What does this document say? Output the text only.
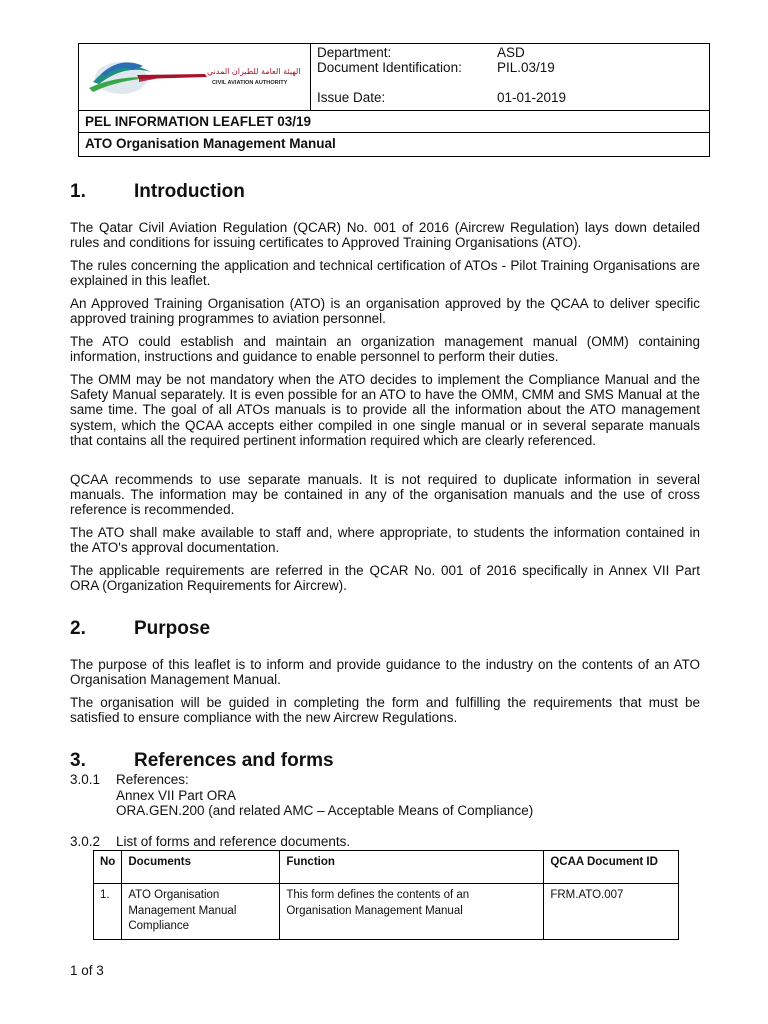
الهيئة العامة للطيران المدني
CIVIL AVIATION AUTHORITY
Department:	ASD
Document Identification:	PIL.03/19
Issue Date:	01-01-2019
PEL INFORMATION LEAFLET 03/19
ATO Organisation Management Manual
1.	Introduction

The Qatar Civil Aviation Regulation (QCAR) No. 001 of 2016 (Aircrew Regulation) lays down detailed rules and conditions for issuing certificates to Approved Training Organisations (ATO).

The rules concerning the application and technical certification of ATOs - Pilot Training Organisations are explained in this leaflet.

An Approved Training Organisation (ATO) is an organisation approved by the QCAA to deliver specific approved training programmes to aviation personnel.

The ATO could establish and maintain an organization management manual (OMM) containing information, instructions and guidance to enable personnel to perform their duties.

The OMM may be not mandatory when the ATO decides to implement the Compliance Manual and the Safety Manual separately. It is even possible for an ATO to have the OMM, CMM and SMS Manual at the same time. The goal of all ATOs manuals is to provide all the information about the ATO management system, which the QCAA accepts either compiled in one single manual or in several separate manuals that contains all the required pertinent information required which are clearly referenced.

QCAA recommends to use separate manuals. It is not required to duplicate information in several manuals. The information may be contained in any of the organisation manuals and the use of cross reference is recommended.

The ATO shall make available to staff and, where appropriate, to students the information contained in the ATO's approval documentation.

The applicable requirements are referred in the QCAR No. 001 of 2016 specifically in Annex VII Part ORA (Organization Requirements for Aircrew).

2.	Purpose

The purpose of this leaflet is to inform and provide guidance to the industry on the contents of an ATO Organisation Management Manual.

The organisation will be guided in completing the form and fulfilling the requirements that must be satisfied to ensure compliance with the new Aircrew Regulations.

3.	References and forms
3.0.1 References:
Annex VII Part ORA
ORA.GEN.200 (and related AMC – Acceptable Means of Compliance)
3.0.2 List of forms and reference documents.
No	Documents	Function	QCAA Document ID
1.	ATO Organisation Management Manual Compliance	This form defines the contents of an Organisation Management Manual	FRM.ATO.007
1 of 3
